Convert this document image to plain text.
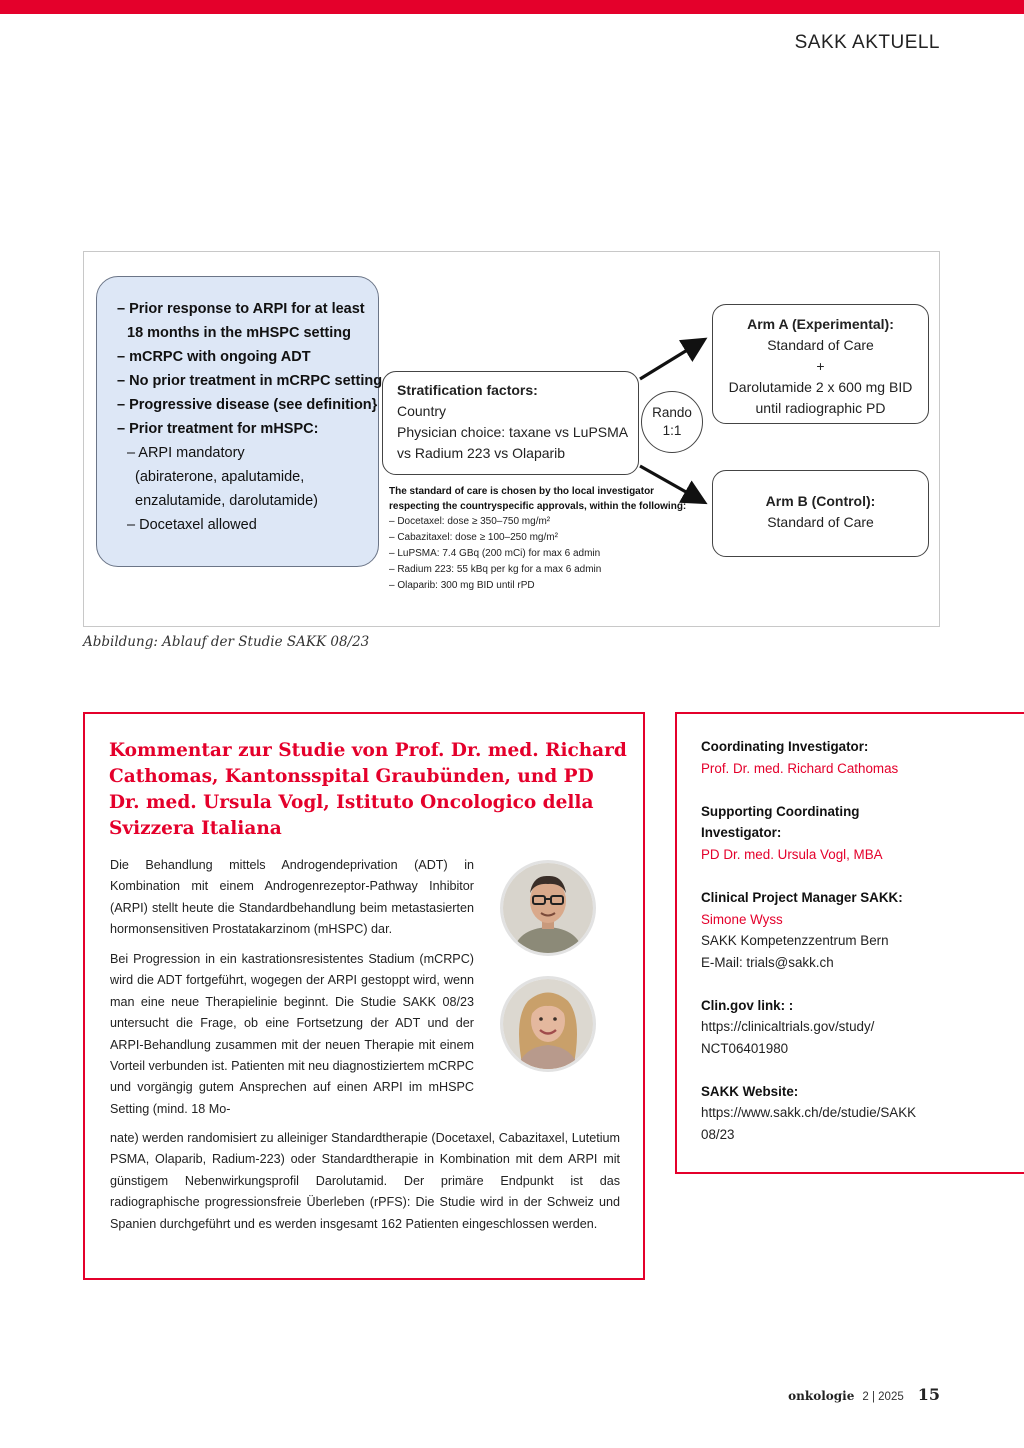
SAKK AKTUELL
– Prior response to ARPI for at least
18 months in the mHSPC setting
– mCRPC with ongoing ADT
– No prior treatment in mCRPC setting
– Progressive disease (see definition}
– Prior treatment for mHSPC:
– ARPI mandatory
(abiraterone, apalutamide,
enzalutamide, darolutamide)
– Docetaxel allowed
Stratification factors:
Country
Physician choice: taxane vs LuPSMA
vs Radium 223 vs Olaparib
Rando
1:1
Arm A (Experimental):
Standard of Care
+
Darolutamide 2 x 600 mg BID
until radiographic PD
Arm B (Control):
Standard of Care
The standard of care is chosen by tho local investigator
respecting the countryspecific approvals, within the following:
– Docetaxel: dose ≥ 350–750 mg/m²
– Cabazitaxel: dose ≥ 100–250 mg/m²
– LuPSMA: 7.4 GBq (200 mCi) for max 6 admin
– Radium 223: 55 kBq per kg for a max 6 admin
– Olaparib: 300 mg BID until rPD
Abbildung: Ablauf der Studie SAKK 08/23
Kommentar zur Studie von Prof. Dr. med. Richard Cathomas, Kantonsspital Graubünden, und PD Dr. med. Ursula Vogl, Istituto Oncologico della Svizzera Italiana
Die Behandlung mittels Androgendeprivation (ADT) in Kombination mit einem Androgenrezeptor-Pathway Inhibitor (ARPI) stellt heute die Standardbehandlung beim metastasierten hormonsensitiven Prostatakarzinom (mHSPC) dar.
Bei Progression in ein kastrationsresistentes Stadium (mCRPC) wird die ADT fortgeführt, wogegen der ARPI gestoppt wird, wenn man eine neue Therapielinie beginnt. Die Studie SAKK 08/23 untersucht die Frage, ob eine Fortsetzung der ADT und der ARPI-Behandlung zusammen mit der neuen Therapie mit einem Vorteil verbunden ist. Patienten mit neu diagnostiziertem mCRPC und vorgängig gutem Ansprechen auf einen ARPI im mHSPC Setting (mind. 18 Mo-
nate) werden randomisiert zu alleiniger Standardtherapie (Docetaxel, Cabazitaxel, Lutetium PSMA, Olaparib, Radium-223) oder Standardtherapie in Kombination mit dem ARPI mit günstigem Nebenwirkungsprofil Darolutamid. Der primäre Endpunkt ist das radiographische progressionsfreie Überleben (rPFS): Die Studie wird in der Schweiz und Spanien durchgeführt und es werden insgesamt 162 Patienten eingeschlossen werden.
Coordinating Investigator:
Prof. Dr. med. Richard Cathomas
Supporting Coordinating
Investigator:
PD Dr. med. Ursula Vogl, MBA
Clinical Project Manager SAKK:
Simone Wyss
SAKK Kompetenzzentrum Bern
E-Mail: trials@sakk.ch
Clin.gov link: :
https://clinicaltrials.gov/study/
NCT06401980
SAKK Website:
https://www.sakk.ch/de/studie/SAKK
08/23
onkologie 2 | 2025 15
